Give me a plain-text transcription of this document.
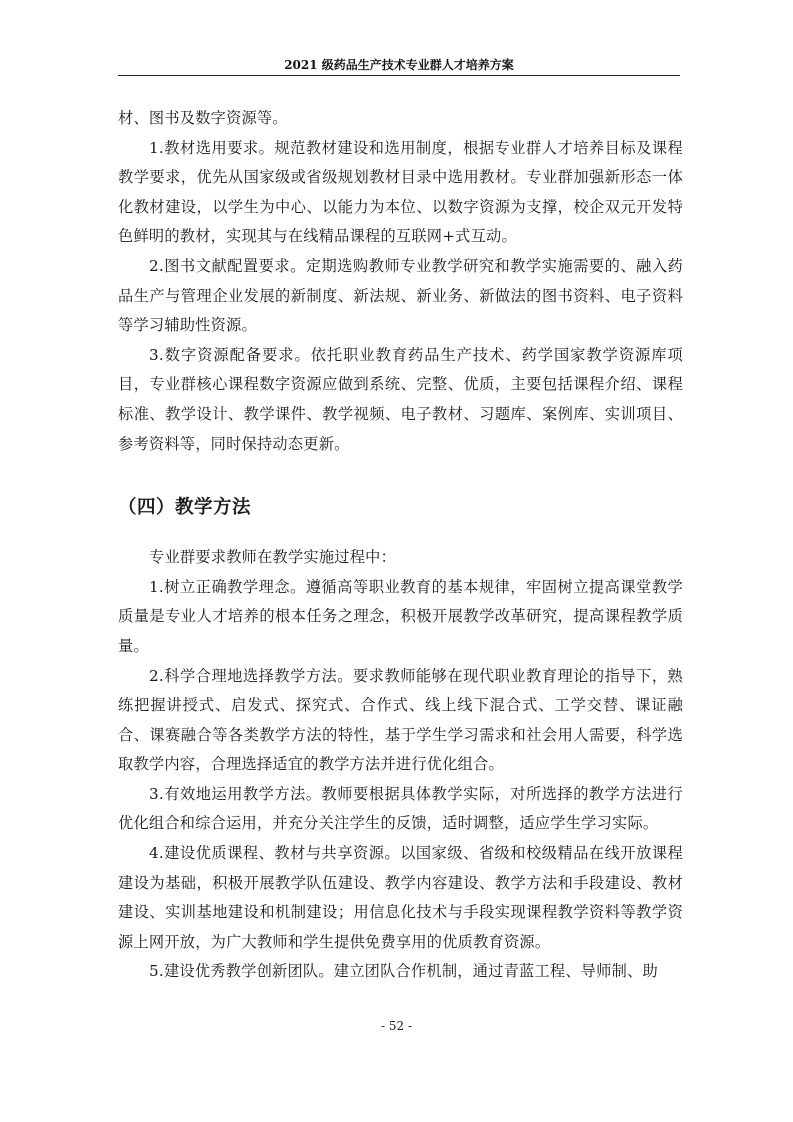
2021 级药品生产技术专业群人才培养方案

材、图书及数字资源等。

1.教材选用要求。规范教材建设和选用制度，根据专业群人才培养目标及课程教学要求，优先从国家级或省级规划教材目录中选用教材。专业群加强新形态一体化教材建设，以学生为中心、以能力为本位、以数字资源为支撑，校企双元开发特色鲜明的教材，实现其与在线精品课程的互联网+式互动。

2.图书文献配置要求。定期选购教师专业教学研究和教学实施需要的、融入药品生产与管理企业发展的新制度、新法规、新业务、新做法的图书资料、电子资料等学习辅助性资源。

3.数字资源配备要求。依托职业教育药品生产技术、药学国家教学资源库项目，专业群核心课程数字资源应做到系统、完整、优质，主要包括课程介绍、课程标准、教学设计、教学课件、教学视频、电子教材、习题库、案例库、实训项目、参考资料等，同时保持动态更新。

（四）教学方法

专业群要求教师在教学实施过程中：

1.树立正确教学理念。遵循高等职业教育的基本规律，牢固树立提高课堂教学质量是专业人才培养的根本任务之理念，积极开展教学改革研究，提高课程教学质量。

2.科学合理地选择教学方法。要求教师能够在现代职业教育理论的指导下，熟练把握讲授式、启发式、探究式、合作式、线上线下混合式、工学交替、课证融合、课赛融合等各类教学方法的特性，基于学生学习需求和社会用人需要，科学选取教学内容，合理选择适宜的教学方法并进行优化组合。

3.有效地运用教学方法。教师要根据具体教学实际，对所选择的教学方法进行优化组合和综合运用，并充分关注学生的反馈，适时调整，适应学生学习实际。

4.建设优质课程、教材与共享资源。以国家级、省级和校级精品在线开放课程建设为基础，积极开展教学队伍建设、教学内容建设、教学方法和手段建设、教材建设、实训基地建设和机制建设；用信息化技术与手段实现课程教学资料等教学资源上网开放，为广大教师和学生提供免费享用的优质教育资源。

5.建设优秀教学创新团队。建立团队合作机制，通过青蓝工程、导师制、助

- 52 -
